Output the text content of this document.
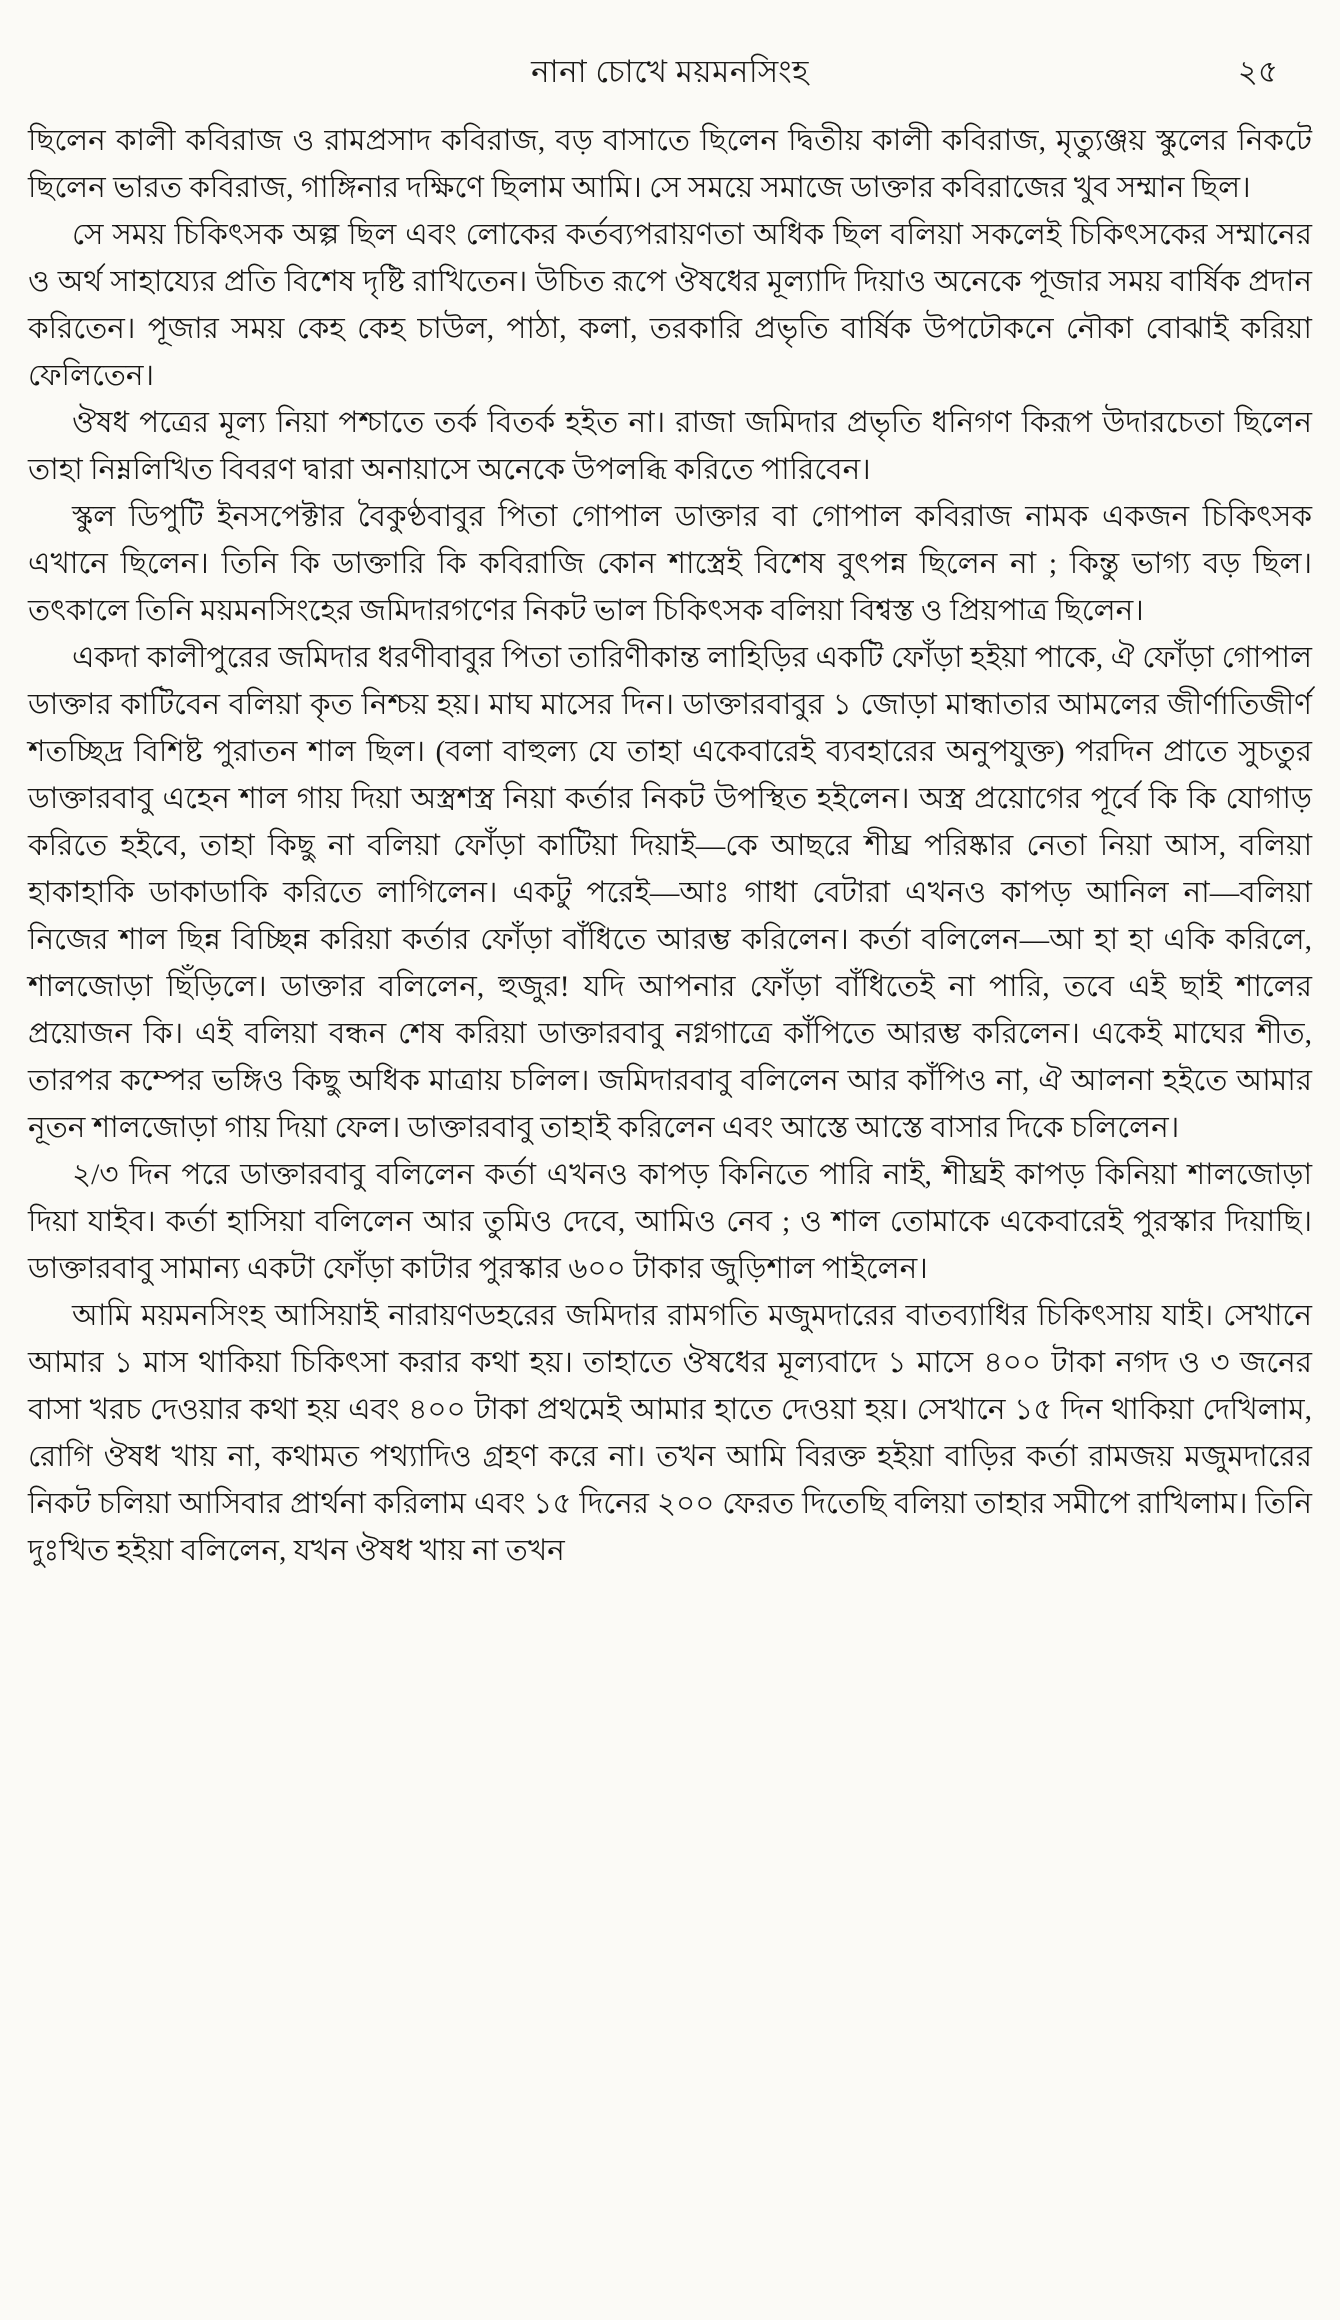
নানা চোখে ময়মনসিংহ	২৫

ছিলেন কালী কবিরাজ ও রামপ্রসাদ কবিরাজ, বড় বাসাতে ছিলেন দ্বিতীয় কালী কবিরাজ, মৃত্যুঞ্জয় স্কুলের নিকটে ছিলেন ভারত কবিরাজ, গাঙ্গিনার দক্ষিণে ছিলাম আমি। সে সময়ে সমাজে ডাক্তার কবিরাজের খুব সম্মান ছিল।

সে সময় চিকিৎসক অল্প ছিল এবং লোকের কর্তব্যপরায়ণতা অধিক ছিল বলিয়া সকলেই চিকিৎসকের সম্মানের ও অর্থ সাহায্যের প্রতি বিশেষ দৃষ্টি রাখিতেন। উচিত রূপে ঔষধের মূল্যাদি দিয়াও অনেকে পূজার সময় বার্ষিক প্রদান করিতেন। পূজার সময় কেহ কেহ চাউল, পাঠা, কলা, তরকারি প্রভৃতি বার্ষিক উপঢৌকনে নৌকা বোঝাই করিয়া ফেলিতেন।

ঔষধ পত্রের মূল্য নিয়া পশ্চাতে তর্ক বিতর্ক হইত না। রাজা জমিদার প্রভৃতি ধনিগণ কিরূপ উদারচেতা ছিলেন তাহা নিম্নলিখিত বিবরণ দ্বারা অনায়াসে অনেকে উপলব্ধি করিতে পারিবেন।

স্কুল ডিপুটি ইনসপেক্টার বৈকুণ্ঠবাবুর পিতা গোপাল ডাক্তার বা গোপাল কবিরাজ নামক একজন চিকিৎসক এখানে ছিলেন। তিনি কি ডাক্তারি কি কবিরাজি কোন শাস্ত্রেই বিশেষ বুৎপন্ন ছিলেন না ; কিন্তু ভাগ্য বড় ছিল। তৎকালে তিনি ময়মনসিংহের জমিদারগণের নিকট ভাল চিকিৎসক বলিয়া বিশ্বস্ত ও প্রিয়পাত্র ছিলেন।

একদা কালীপুরের জমিদার ধরণীবাবুর পিতা তারিণীকান্ত লাহিড়ির একটি ফোঁড়া হইয়া পাকে, ঐ ফোঁড়া গোপাল ডাক্তার কাটিবেন বলিয়া কৃত নিশ্চয় হয়। মাঘ মাসের দিন। ডাক্তারবাবুর ১ জোড়া মান্ধাতার আমলের জীর্ণাতিজীর্ণ শতচ্ছিদ্র বিশিষ্ট পুরাতন শাল ছিল। (বলা বাহুল্য যে তাহা একেবারেই ব্যবহারের অনুপযুক্ত) পরদিন প্রাতে সুচতুর ডাক্তারবাবু এহেন শাল গায় দিয়া অস্ত্রশস্ত্র নিয়া কর্তার নিকট উপস্থিত হইলেন। অস্ত্র প্রয়োগের পূর্বে কি কি যোগাড় করিতে হইবে, তাহা কিছু না বলিয়া ফোঁড়া কাটিয়া দিয়াই—কে আছরে শীঘ্র পরিষ্কার নেতা নিয়া আস, বলিয়া হাকাহাকি ডাকাডাকি করিতে লাগিলেন। একটু পরেই—আঃ গাধা বেটারা এখনও কাপড় আনিল না—বলিয়া নিজের শাল ছিন্ন বিচ্ছিন্ন করিয়া কর্তার ফোঁড়া বাঁধিতে আরম্ভ করিলেন। কর্তা বলিলেন—আ হা হা একি করিলে, শালজোড়া ছিঁড়িলে। ডাক্তার বলিলেন, হুজুর! যদি আপনার ফোঁড়া বাঁধিতেই না পারি, তবে এই ছাই শালের প্রয়োজন কি। এই বলিয়া বন্ধন শেষ করিয়া ডাক্তারবাবু নগ্নগাত্রে কাঁপিতে আরম্ভ করিলেন। একেই মাঘের শীত, তারপর কম্পের ভঙ্গিও কিছু অধিক মাত্রায় চলিল। জমিদারবাবু বলিলেন আর কাঁপিও না, ঐ আলনা হইতে আমার নূতন শালজোড়া গায় দিয়া ফেল। ডাক্তারবাবু তাহাই করিলেন এবং আস্তে আস্তে বাসার দিকে চলিলেন।

২/৩ দিন পরে ডাক্তারবাবু বলিলেন কর্তা এখনও কাপড় কিনিতে পারি নাই, শীঘ্রই কাপড় কিনিয়া শালজোড়া দিয়া যাইব। কর্তা হাসিয়া বলিলেন আর তুমিও দেবে, আমিও নেব ; ও শাল তোমাকে একেবারেই পুরস্কার দিয়াছি। ডাক্তারবাবু সামান্য একটা ফোঁড়া কাটার পুরস্কার ৬০০ টাকার জুড়িশাল পাইলেন।

আমি ময়মনসিংহ আসিয়াই নারায়ণডহরের জমিদার রামগতি মজুমদারের বাতব্যাধির চিকিৎসায় যাই। সেখানে আমার ১ মাস থাকিয়া চিকিৎসা করার কথা হয়। তাহাতে ঔষধের মূল্যবাদে ১ মাসে ৪০০ টাকা নগদ ও ৩ জনের বাসা খরচ দেওয়ার কথা হয় এবং ৪০০ টাকা প্রথমেই আমার হাতে দেওয়া হয়। সেখানে ১৫ দিন থাকিয়া দেখিলাম, রোগি ঔষধ খায় না, কথামত পথ্যাদিও গ্রহণ করে না। তখন আমি বিরক্ত হইয়া বাড়ির কর্তা রামজয় মজুমদারের নিকট চলিয়া আসিবার প্রার্থনা করিলাম এবং ১৫ দিনের ২০০ ফেরত দিতেছি বলিয়া তাহার সমীপে রাখিলাম। তিনি দুঃখিত হইয়া বলিলেন, যখন ঔষধ খায় না তখন
